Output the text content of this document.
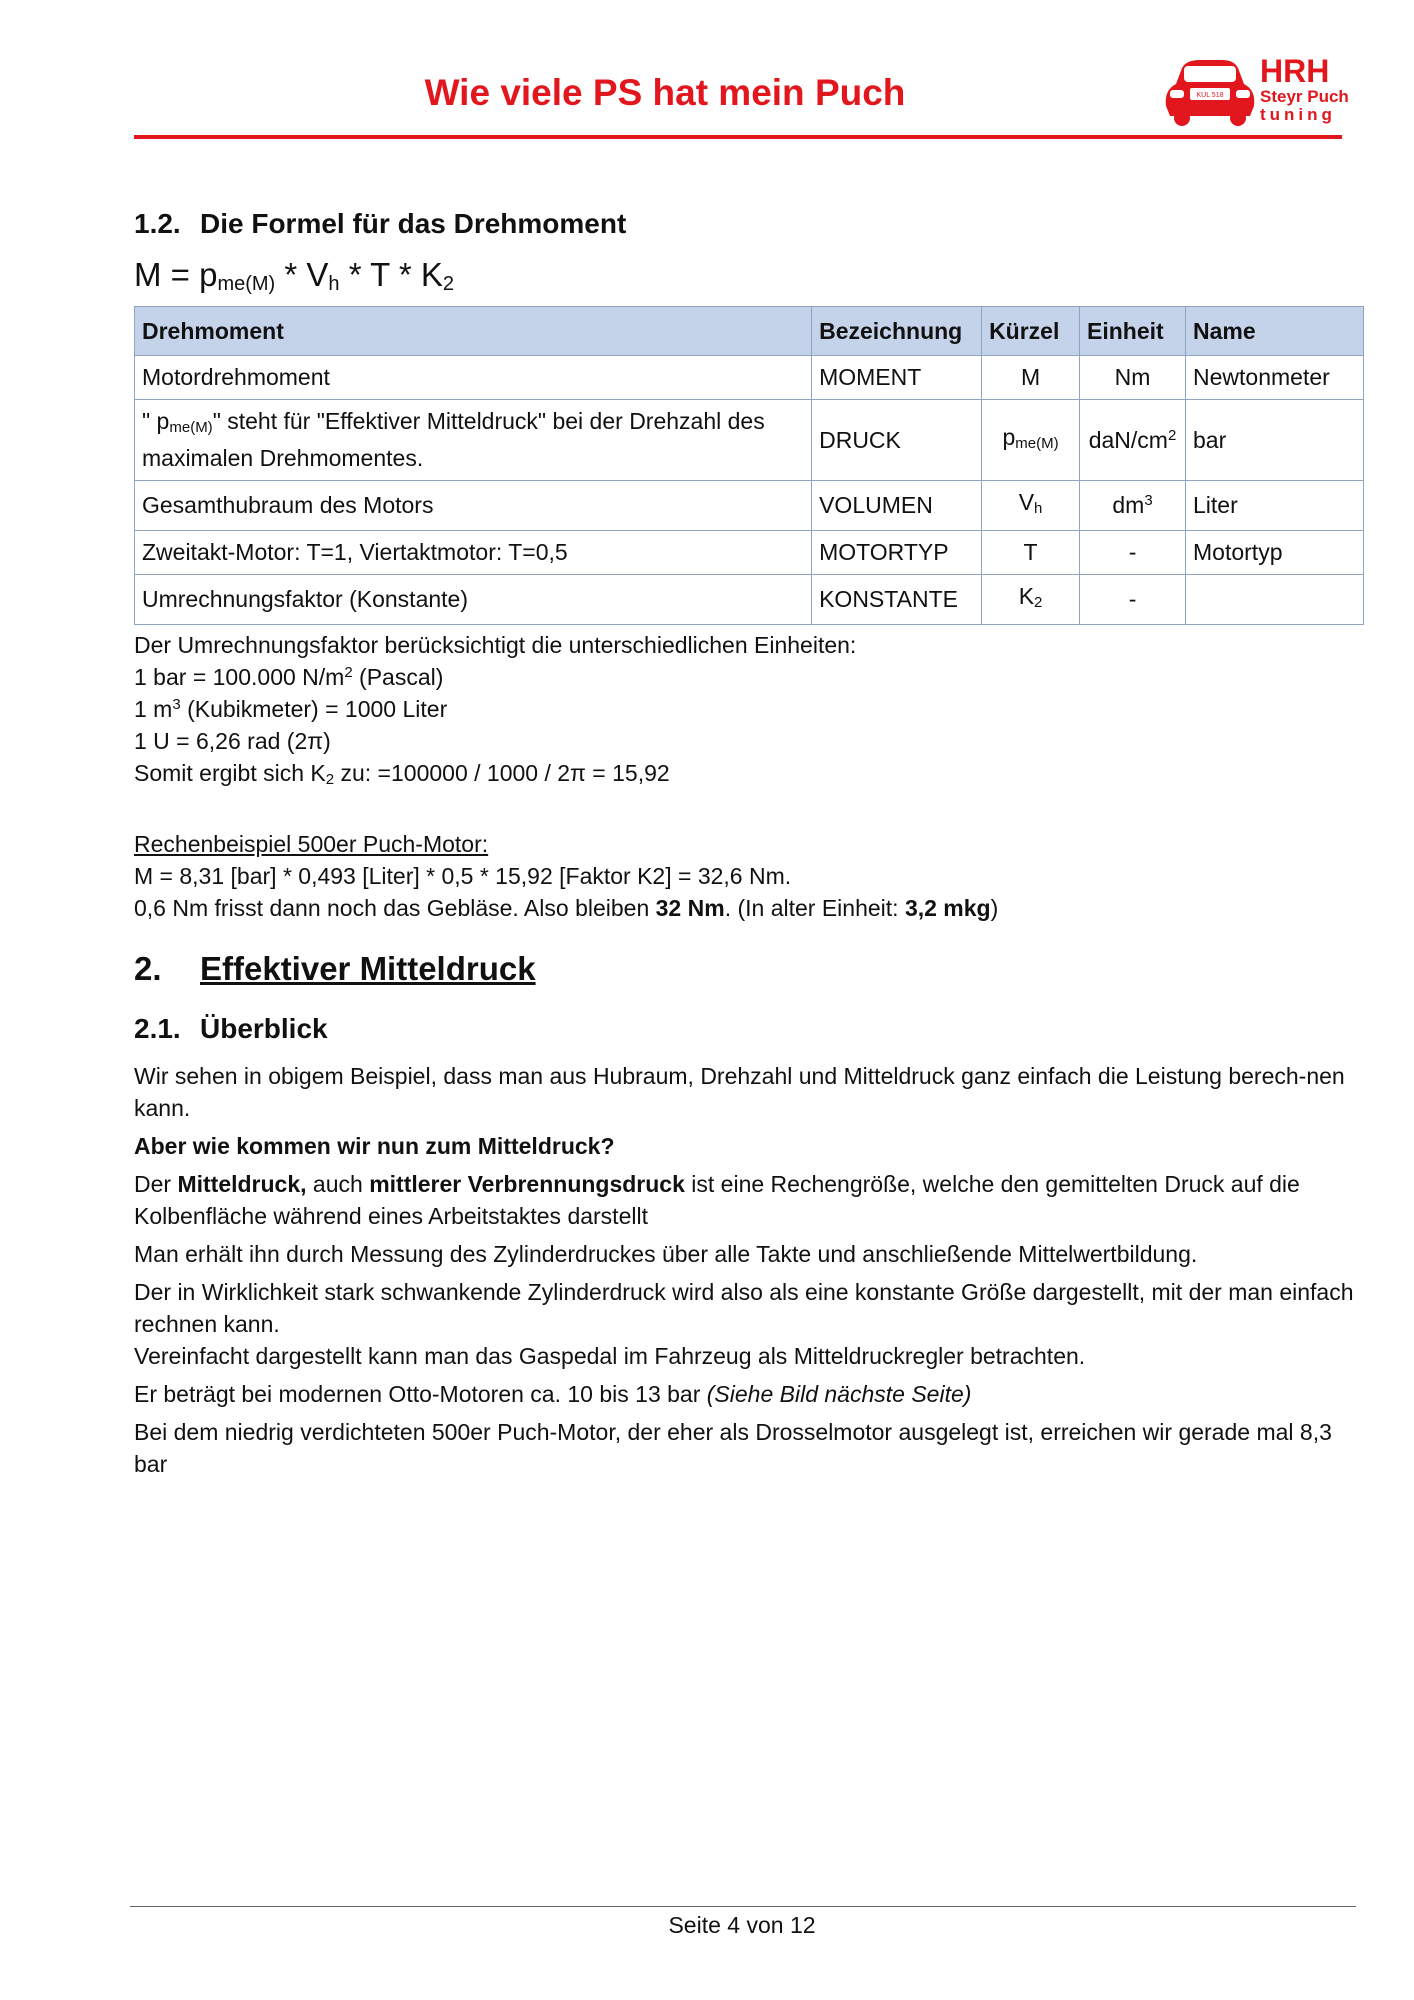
Wie viele PS hat mein Puch	KUL 518
HRH
Steyr Puch
tuning
1.2. Die Formel für das Drehmoment
$M = p_{me(M)} * V_h * T * K_2$
Drehmoment	Bezeichnung	Kürzel	Einheit	Name
Motordrehmoment	MOMENT	M	Nm	Newtonmeter
" $p_{me(M)}$" steht für "Effektiver Mitteldruck" bei der Drehzahl des maximalen Drehmomentes.	DRUCK	$p_{me(M)}$	daN/$cm^2$	bar
Gesamthubraum des Motors	VOLUMEN	$V_h$	$dm^3$	Liter
Zweitakt-Motor: T=1, Viertaktmotor: T=0,5	MOTORTYP	T	-	Motortyp
Umrechnungsfaktor (Konstante)	KONSTANTE	$K_2$	-	
Der Umrechnungsfaktor berücksichtigt die unterschiedlichen Einheiten:
1 bar = 100.000 $N/m^2$ (Pascal)
1 $m^3$ (Kubikmeter) = 1000 Liter
1 U = 6,26 rad (2π)
Somit ergibt sich $K_2$ zu: =100000 / 1000 / 2π = 15,92
Rechenbeispiel 500er Puch-Motor:
M = 8,31 [bar] * 0,493 [Liter] * 0,5 * 15,92 [Faktor K2] = 32,6 Nm.
0,6 Nm frisst dann noch das Gebläse. Also bleiben 32 Nm. (In alter Einheit: 3,2 mkg)
2. Effektiver Mitteldruck
2.1. Überblick
Wir sehen in obigem Beispiel, dass man aus Hubraum, Drehzahl und Mitteldruck ganz einfach die Leistung berech-nen kann.
Aber wie kommen wir nun zum Mitteldruck?
Der Mitteldruck, auch mittlerer Verbrennungsdruck ist eine Rechengröße, welche den gemittelten Druck auf die Kolbenfläche während eines Arbeitstaktes darstellt
Man erhält ihn durch Messung des Zylinderdruckes über alle Takte und anschließende Mittelwertbildung.
Der in Wirklichkeit stark schwankende Zylinderdruck wird also als eine konstante Größe dargestellt, mit der man einfach rechnen kann.
Vereinfacht dargestellt kann man das Gaspedal im Fahrzeug als Mitteldruckregler betrachten.
Er beträgt bei modernen Otto-Motoren ca. 10 bis 13 bar (Siehe Bild nächste Seite)
Bei dem niedrig verdichteten 500er Puch-Motor, der eher als Drosselmotor ausgelegt ist, erreichen wir gerade mal 8,3 bar
Seite 4 von 12
